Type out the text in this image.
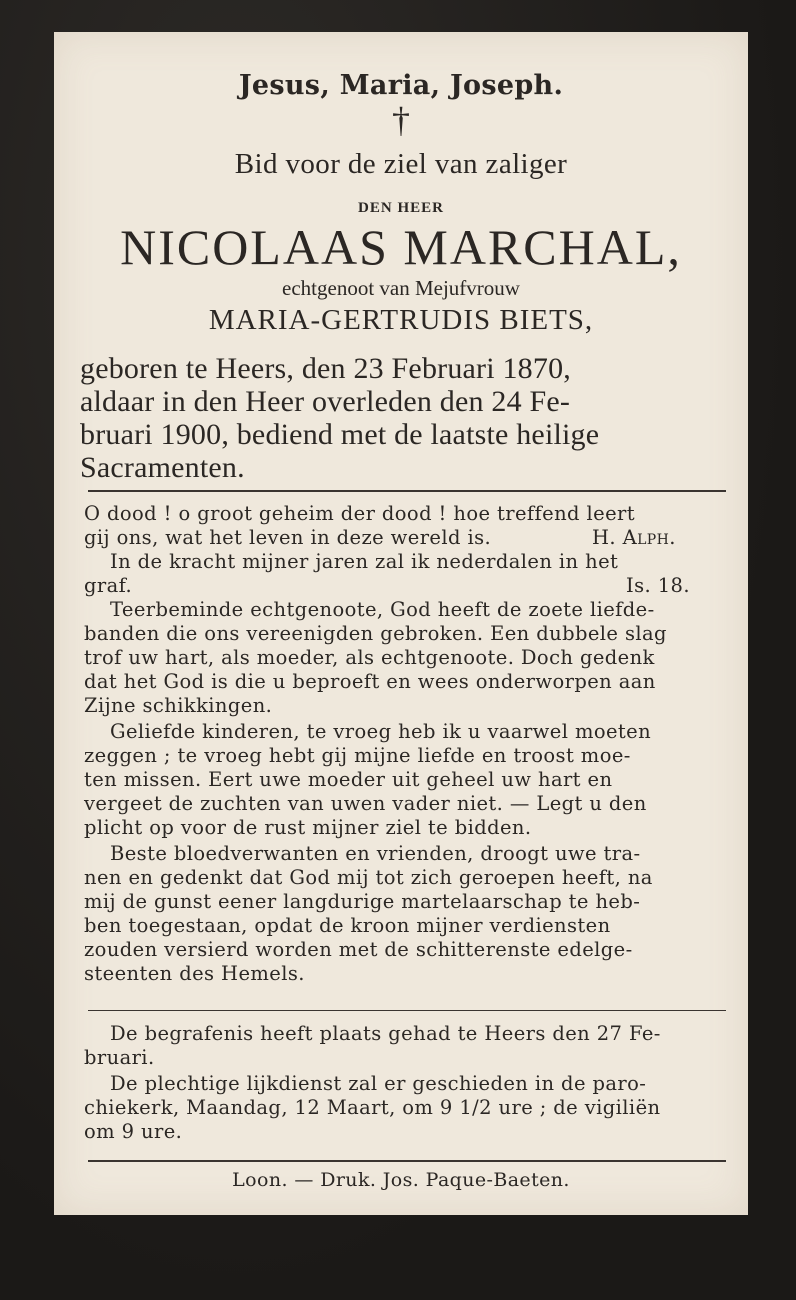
Jesus, Maria, Joseph.
†
Bid voor de ziel van zaliger
DEN HEER
NICOLAAS MARCHAL,
echtgenoot van Mejufvrouw
MARIA-GERTRUDIS BIETS,
geboren te Heers, den 23 Februari 1870,
aldaar in den Heer overleden den 24 Fe-
bruari 1900, bediend met de laatste heilige
Sacramenten.
O dood ! o groot geheim der dood ! hoe treffend leert
gij ons, wat het leven in deze wereld is.	H. Alph.
In de kracht mijner jaren zal ik nederdalen in het
graf.	Is. 18.
Teerbeminde echtgenoote, God heeft de zoete liefde-
banden die ons vereenigden gebroken. Een dubbele slag
trof uw hart, als moeder, als echtgenoote. Doch gedenk
dat het God is die u beproeft en wees onderworpen aan
Zijne schikkingen.
Geliefde kinderen, te vroeg heb ik u vaarwel moeten
zeggen ; te vroeg hebt gij mijne liefde en troost moe-
ten missen. Eert uwe moeder uit geheel uw hart en
vergeet de zuchten van uwen vader niet. — Legt u den
plicht op voor de rust mijner ziel te bidden.
Beste bloedverwanten en vrienden, droogt uwe tra-
nen en gedenkt dat God mij tot zich geroepen heeft, na
mij de gunst eener langdurige martelaarschap te heb-
ben toegestaan, opdat de kroon mijner verdiensten
zouden versierd worden met de schitterenste edelge-
steenten des Hemels.
De begrafenis heeft plaats gehad te Heers den 27 Fe-
bruari.
De plechtige lijkdienst zal er geschieden in de paro-
chiekerk, Maandag, 12 Maart, om 9 1/2 ure ; de vigiliën
om 9 ure.
Loon. — Druk. Jos. Paque-Baeten.
